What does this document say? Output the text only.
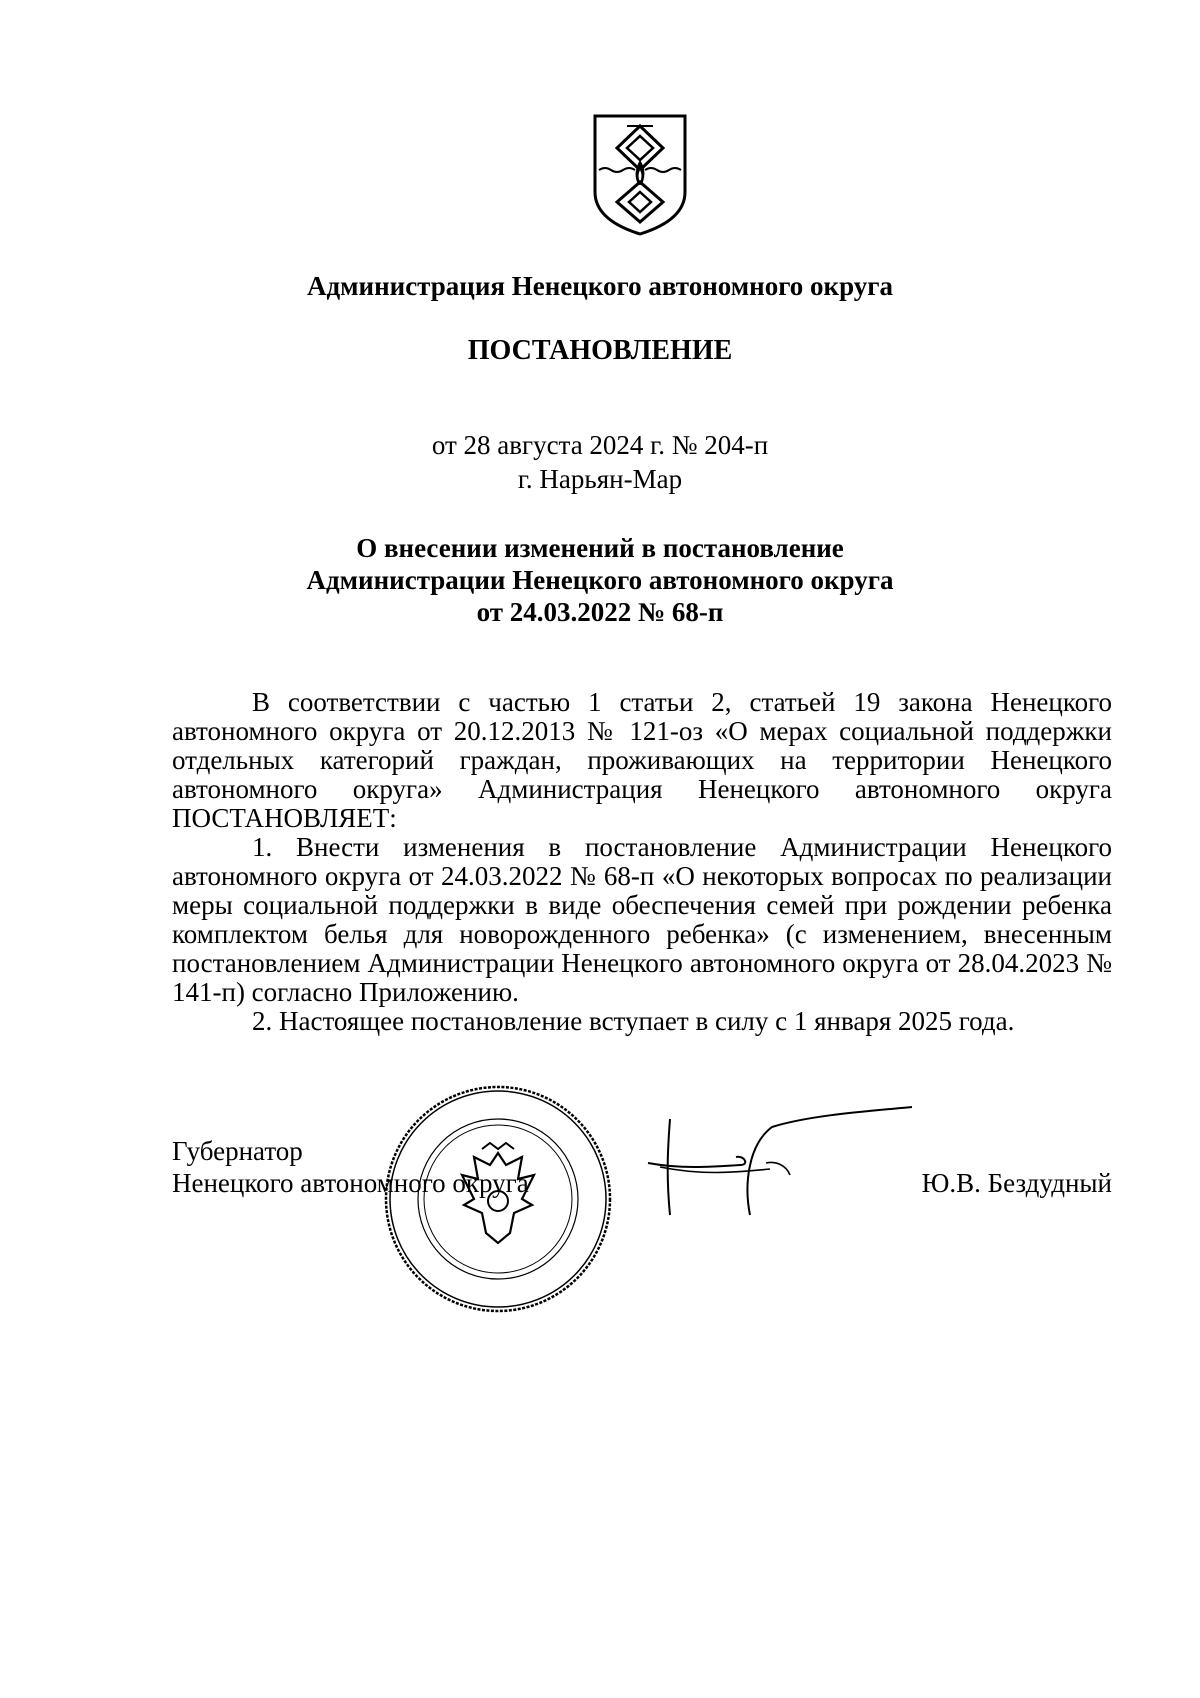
Администрация Ненецкого автономного округа
ПОСТАНОВЛЕНИЕ
от 28 августа 2024 г. № 204-п
г. Нарьян-Мар
О внесении изменений в постановление
Администрации Ненецкого автономного округа
от 24.03.2022 № 68-п

В соответствии с частью 1 статьи 2, статьей 19 закона Ненецкого автономного округа от 20.12.2013 № 121-оз «О мерах социальной поддержки отдельных категорий граждан, проживающих на территории Ненецкого автономного округа» Администрация Ненецкого автономного округа ПОСТАНОВЛЯЕТ:

1. Внести изменения в постановление Администрации Ненецкого автономного округа от 24.03.2022 № 68-п «О некоторых вопросах по реализации меры социальной поддержки в виде обеспечения семей при рождении ребенка комплектом белья для новорожденного ребенка» (с изменением, внесенным постановлением Администрации Ненецкого автономного округа от 28.04.2023 № 141-п) согласно Приложению.

2. Настоящее постановление вступает в силу с 1 января 2025 года.

Губернатор
Ненецкого автономного округа	Ю.В. Бездудный
